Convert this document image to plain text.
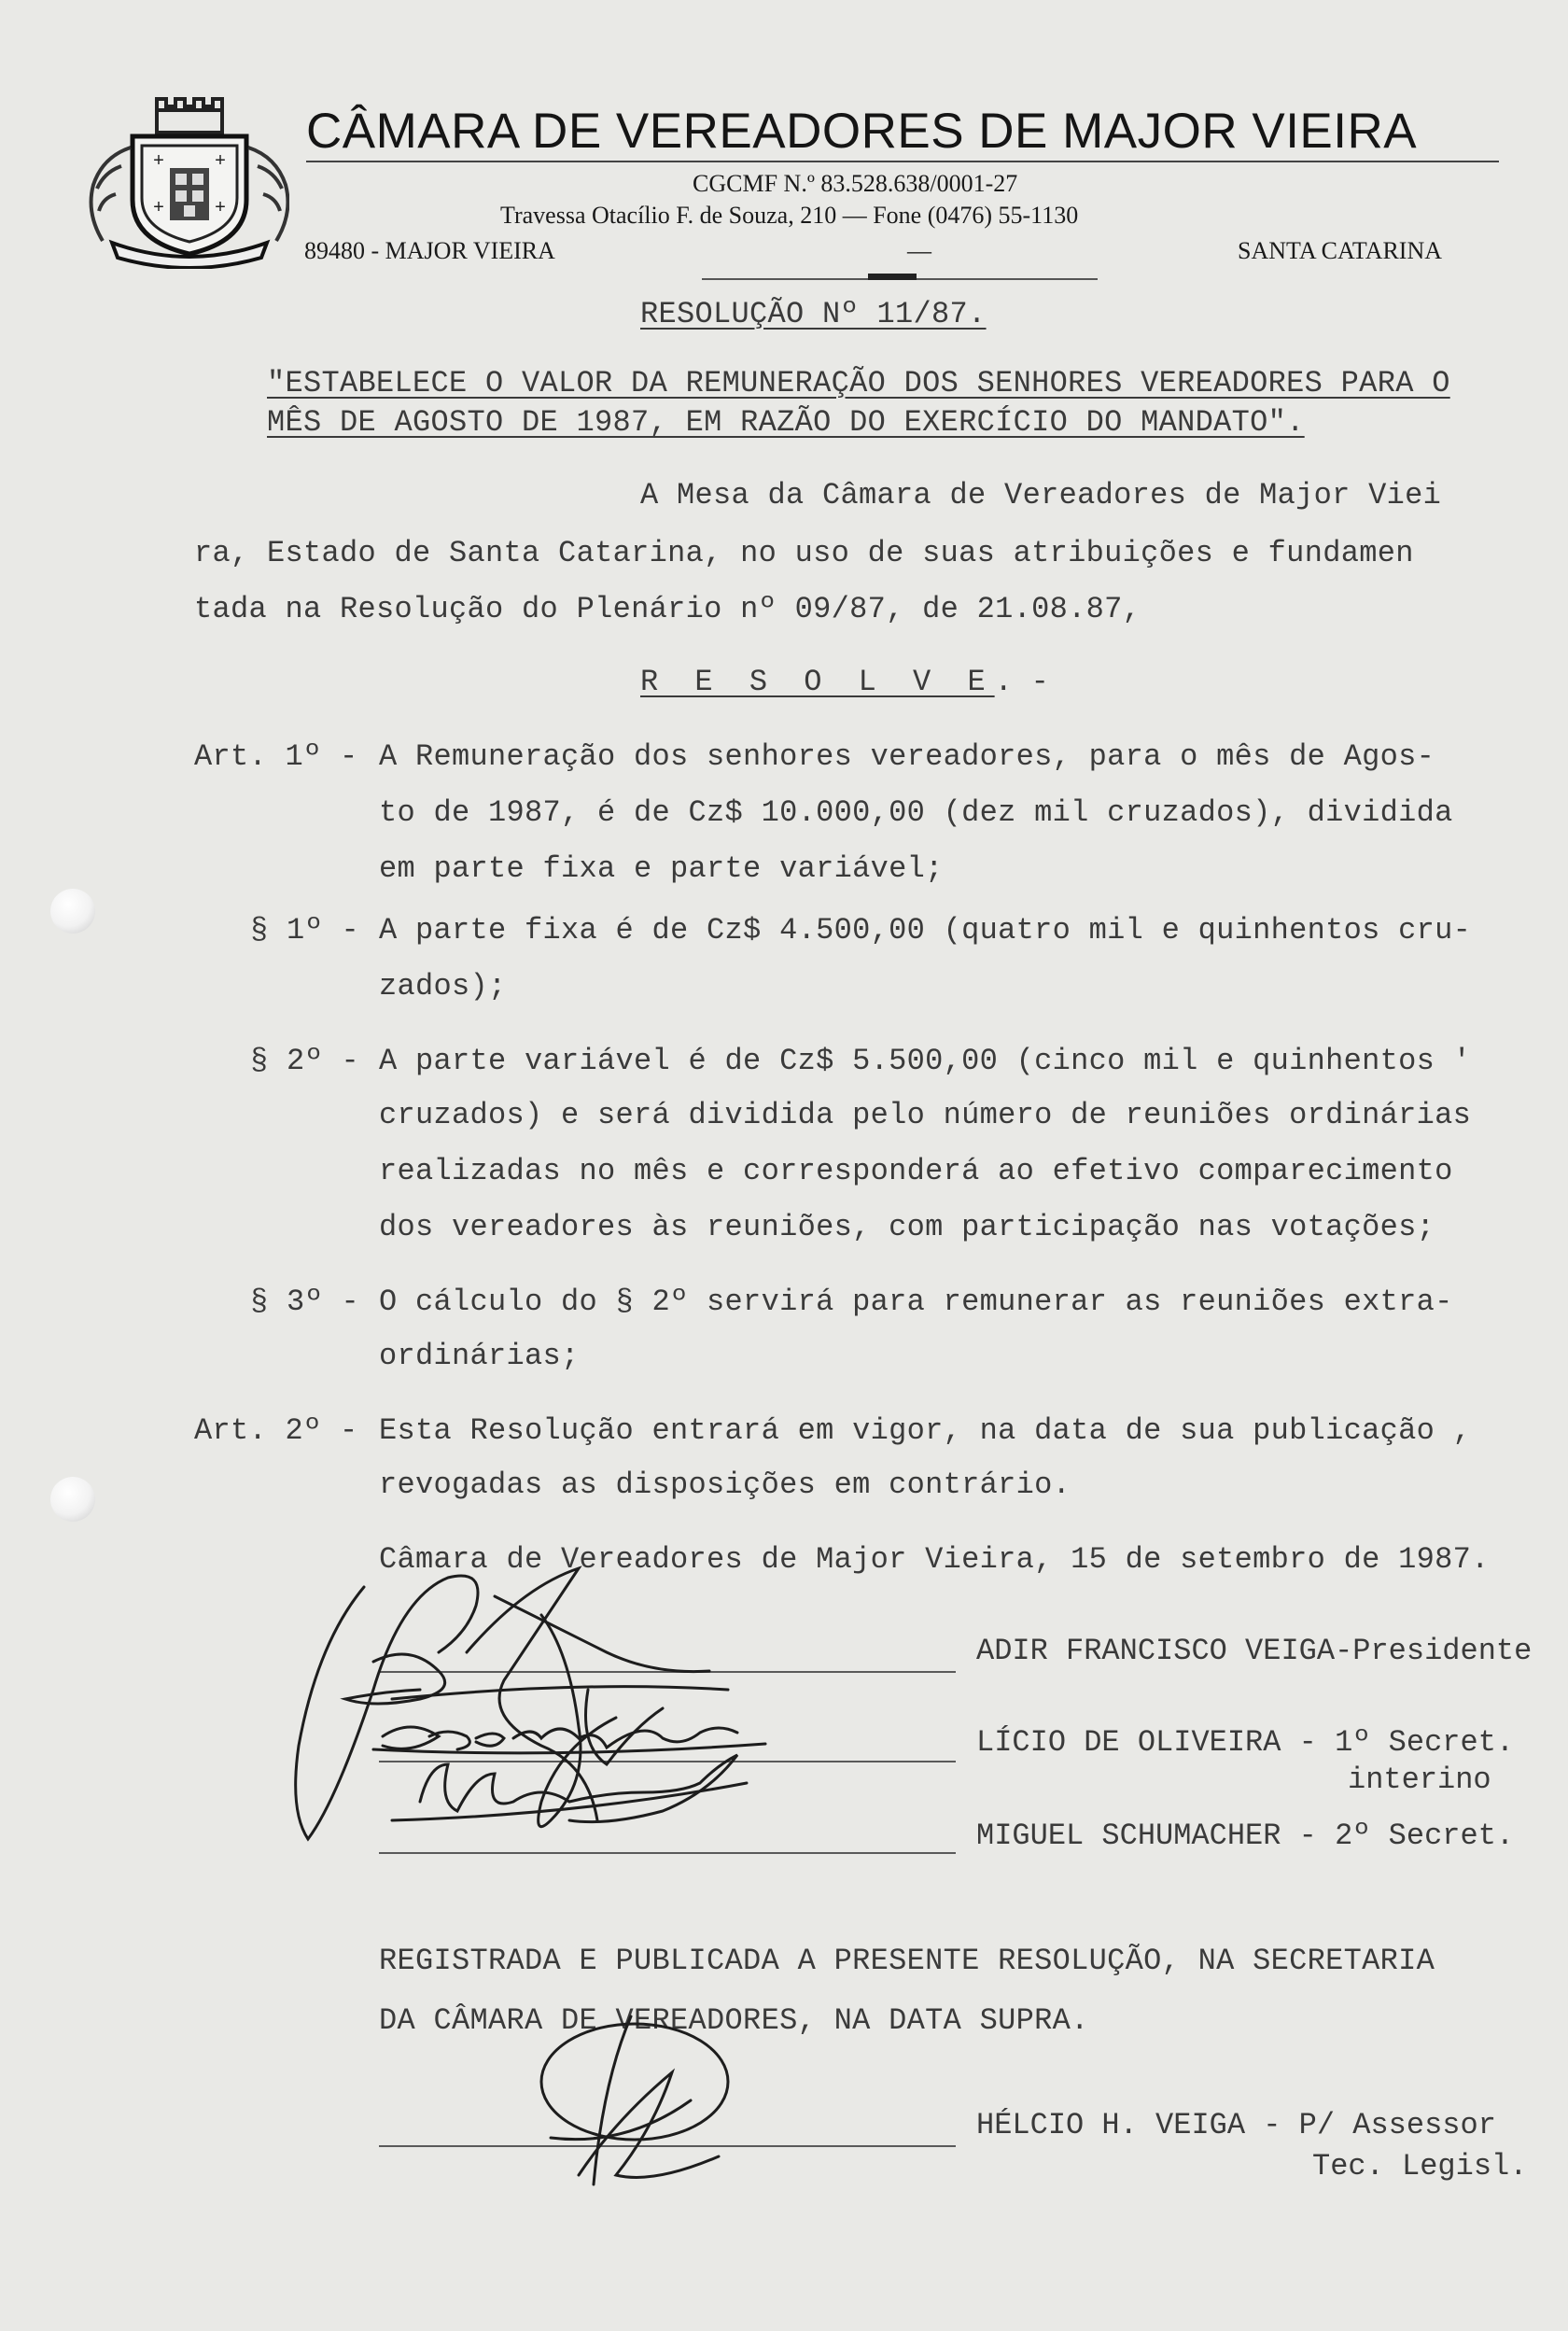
+	+
+	+
CÂMARA DE VEREADORES DE MAJOR VIEIRA
CGCMF N.º 83.528.638/0001-27
Travessa Otacílio F. de Souza, 210 — Fone (0476) 55-1130
89480 - MAJOR VIEIRA	—	SANTA CATARINA
RESOLUÇÃO Nº 11/87.
"ESTABELECE O VALOR DA REMUNERAÇÃO DOS SENHORES VEREADORES PARA O
MÊS DE AGOSTO DE 1987, EM RAZÃO DO EXERCÍCIO DO MANDATO".
A Mesa da Câmara de Vereadores de Major Viei
ra, Estado de Santa Catarina, no uso de suas atribuições e fundamen
tada na Resolução do Plenário nº 09/87, de 21.08.87,
R E S O L V E. -
Art. 1º - A Remuneração dos senhores vereadores, para o mês de Agos-
to de 1987, é de Cz$ 10.000,00 (dez mil cruzados), dividida
em parte fixa e parte variável;
§ 1º - A parte fixa é de Cz$ 4.500,00 (quatro mil e quinhentos cru-
zados);
§ 2º - A parte variável é de Cz$ 5.500,00 (cinco mil e quinhentos '
cruzados) e será dividida pelo número de reuniões ordinárias
realizadas no mês e corresponderá ao efetivo comparecimento
dos vereadores às reuniões, com participação nas votações;
§ 3º - O cálculo do § 2º servirá para remunerar as reuniões extra-
ordinárias;
Art. 2º - Esta Resolução entrará em vigor, na data de sua publicação ,
revogadas as disposições em contrário.
Câmara de Vereadores de Major Vieira, 15 de setembro de 1987.
ADIR FRANCISCO VEIGA-Presidente
LÍCIO DE OLIVEIRA - 1º Secret.
interino
MIGUEL SCHUMACHER - 2º Secret.
REGISTRADA E PUBLICADA A PRESENTE RESOLUÇÃO, NA SECRETARIA
DA CÂMARA DE VEREADORES, NA DATA SUPRA.
HÉLCIO H. VEIGA - P/ Assessor
Tec. Legisl.
